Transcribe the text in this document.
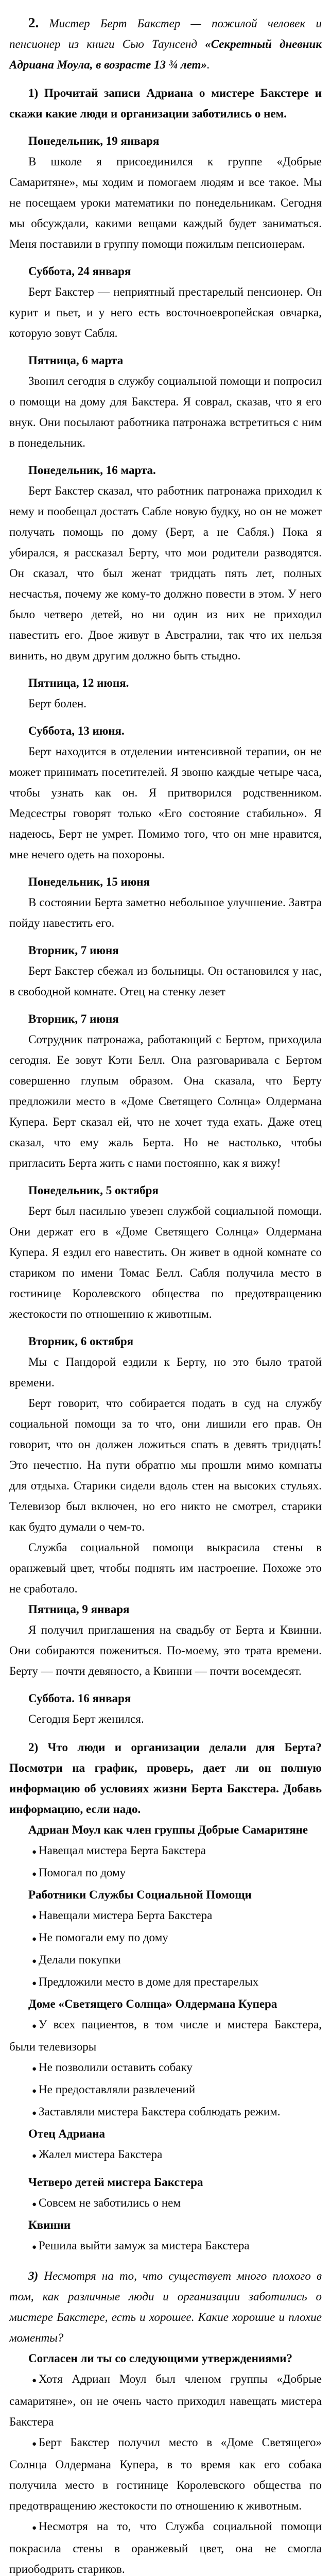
2. Мистер Берт Бакстер — пожилой человек и пенсионер из книги Сью Таунсенд «Секретный дневник Адриана Моула, в возрасте 13 ¾ лет».

1) Прочитай записи Адриана о мистере Бакстере и скажи какие люди и организации заботились о нем.

Понедельник, 19 января

В школе я присоединился к группе «Добрые Самаритяне», мы ходим и помогаем людям и все такое. Мы не посещаем уроки математики по понедельникам. Сегодня мы обсуждали, какими вещами каждый будет заниматься. Меня поставили в группу помощи пожилым пенсионерам.

Суббота, 24 января

Берт Бакстер — неприятный престарелый пенсионер. Он курит и пьет, и у него есть восточноевропейская овчарка, которую зовут Сабля.

Пятница, 6 марта

Звонил сегодня в службу социальной помощи и попросил о помощи на дому для Бакстера. Я соврал, сказав, что я его внук. Они посылают работника патронажа встретиться с ним в понедельник.

Понедельник, 16 марта.

Берт Бакстер сказал, что работник патронажа приходил к нему и пообещал достать Сабле новую будку, но он не может получать помощь по дому (Берт, а не Сабля.) Пока я убирался, я рассказал Берту, что мои родители разводятся. Он сказал, что был женат тридцать пять лет, полных несчастья, почему же кому-то должно повести в этом. У него было четверо детей, но ни один из них не приходил навестить его. Двое живут в Австралии, так что их нельзя винить, но двум другим должно быть стыдно.

Пятница, 12 июня.

Берт болен.

Суббота, 13 июня.

Берт находится в отделении интенсивной терапии, он не может принимать посетителей. Я звоню каждые четыре часа, чтобы узнать как он. Я притворился родственником. Медсестры говорят только «Его состояние стабильно». Я надеюсь, Берт не умрет. Помимо того, что он мне нравится, мне нечего одеть на похороны.

Понедельник, 15 июня

В состоянии Берта заметно небольшое улучшение. Завтра пойду навестить его.

Вторник, 7 июня

Берт Бакстер сбежал из больницы. Он остановился у нас, в свободной комнате. Отец на стенку лезет

Вторник, 7 июня

Сотрудник патронажа, работающий с Бертом, приходила сегодня. Ее зовут Кэти Белл. Она разговаривала с Бертом совершенно глупым образом. Она сказала, что Берту предложили место в «Доме Светящего Солнца» Олдермана Купера. Берт сказал ей, что не хочет туда ехать. Даже отец сказал, что ему жаль Берта. Но не настолько, чтобы пригласить Берта жить с нами постоянно, как я вижу!

Понедельник, 5 октября

Берт был насильно увезен службой социальной помощи. Они держат его в «Доме Светящего Солнца» Олдермана Купера. Я ездил его навестить. Он живет в одной комнате со стариком по имени Томас Белл. Сабля получила место в гостинице Королевского общества по предотвращению жестокости по отношению к животным.

Вторник, 6 октября

Мы с Пандорой ездили к Берту, но это было тратой времени.

Берт говорит, что собирается подать в суд на службу социальной помощи за то что, они лишили его прав. Он говорит, что он должен ложиться спать в девять тридцать! Это нечестно. На пути обратно мы прошли мимо комнаты для отдыха. Старики сидели вдоль стен на высоких стульях. Телевизор был включен, но его никто не смотрел, старики как будто думали о чем-то.

Служба социальной помощи выкрасила стены в оранжевый цвет, чтобы поднять им настроение. Похоже это не сработало.

Пятница, 9 января

Я получил приглашения на свадьбу от Берта и Квинни. Они собираются пожениться. По-моему, это трата времени. Берту — почти девяносто, а Квинни — почти восемдесят.

Суббота. 16 января

Сегодня Берт женился.

2) Что люди и организации делали для Берта? Посмотри на график, проверь, дает ли он полную информацию об условиях жизни Берта Бакстера. Добавь информацию, если надо.

Адриан Моул как член группы Добрые Самаритяне

● Навещал мистера Берта Бакстера

● Помогал по дому

Работники Службы Социальной Помощи

● Навещали мистера Берта Бакстера

● Не помогали ему по дому

● Делали покупки

● Предложили место в доме для престарелых

Доме «Светящего Солнца» Олдермана Купера

● У всех пациентов, в том числе и мистера Бакстера, были телевизоры

● Не позволили оставить собаку

● Не предоставляли развлечений

● Заставляли мистера Бакстера соблюдать режим.

Отец Адриана

● Жалел мистера Бакстера

Четверо детей мистера Бакстера

● Совсем не заботились о нем

Квинни

● Решила выйти замуж за мистера Бакстера

3) Несмотря на то, что существует много плохого в том, как различные люди и организации заботились о мистере Бакстере, есть и хорошее. Какие хорошие и плохие моменты?

Согласен ли ты со следующими утверждениями?

● Хотя Адриан Моул был членом группы «Добрые самаритяне», он не очень часто приходил навещать мистера Бакстера

● Берт Бакстер получил место в «Доме Светящего» Солнца Олдермана Купера, в то время как его собака получила место в гостинице Королевского общества по предотвращению жестокости по отношению к животным.

● Несмотря на то, что Служба социальной помощи покрасила стены в оранжевый цвет, она не смогла приободрить стариков.
